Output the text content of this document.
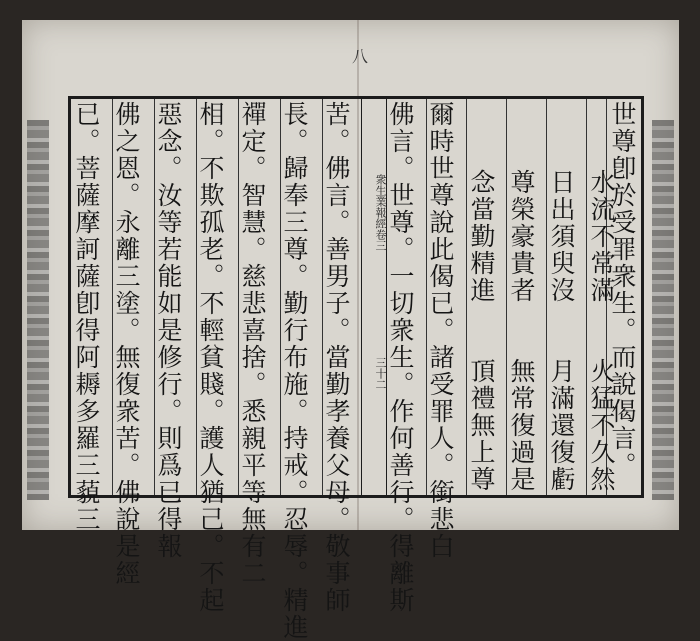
八
衆生業報經卷三
三十二
苦。佛言。善男子。當勤孝養父母。敬事師
長。歸奉三尊。勤行布施。持戒。忍辱。精進
禪定。智慧。慈悲喜捨。悉親平等無有二
相。不欺孤老。不輕貧賤。護人猶己。不起
惡念。汝等若能如是修行。則爲已得報
佛之恩。永離三塗。無復衆苦。佛說是經
已。菩薩摩訶薩卽得阿耨多羅三藐三	世尊卽於受罪衆生。而說偈言。
水流不常滿　　火猛不久然
日出須臾沒　　月滿還復虧
尊榮豪貴者　　無常復過是
念當勤精進　　頂禮無上尊
爾時世尊說此偈已。諸受罪人。銜悲白
佛言。世尊。一切衆生。作何善行。得離斯
